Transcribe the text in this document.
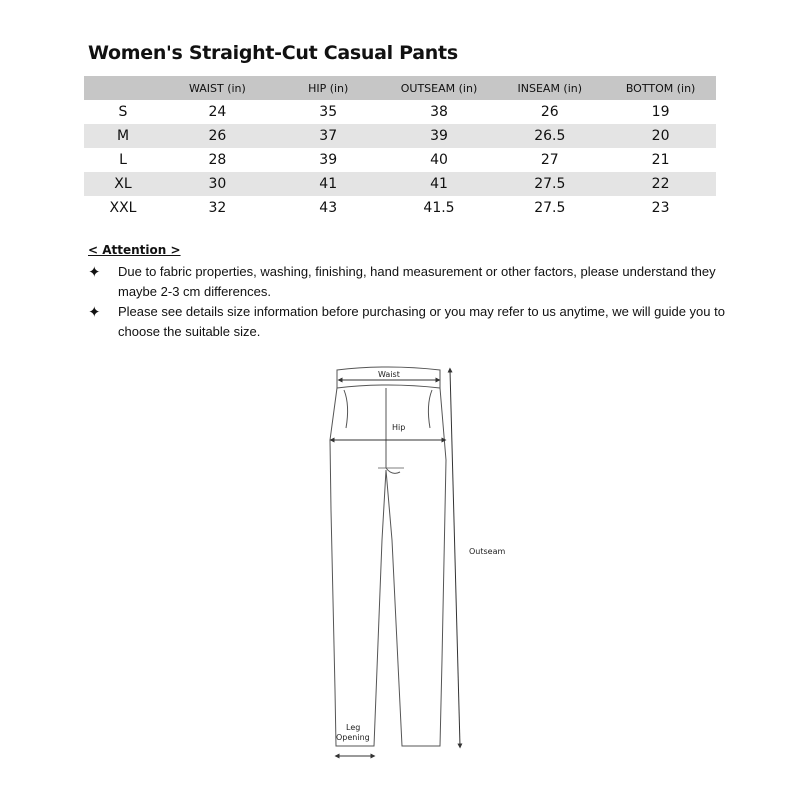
Women's Straight-Cut Casual Pants
	WAIST (in)	HIP (in)	OUTSEAM (in)	INSEAM (in)	BOTTOM (in)
S	24	35	38	26	19
M	26	37	39	26.5	20
L	28	39	40	27	21
XL	30	41	41	27.5	22
XXL	32	43	41.5	27.5	23
< Attention >
✦ Due to fabric properties, washing, finishing, hand measurement or other factors, please understand they maybe 2-3 cm differences.
✦ Please see details size information before purchasing or you may refer to us anytime, we will guide you to choose the suitable size.
Waist
Hip
Outseam
Leg
Opening
